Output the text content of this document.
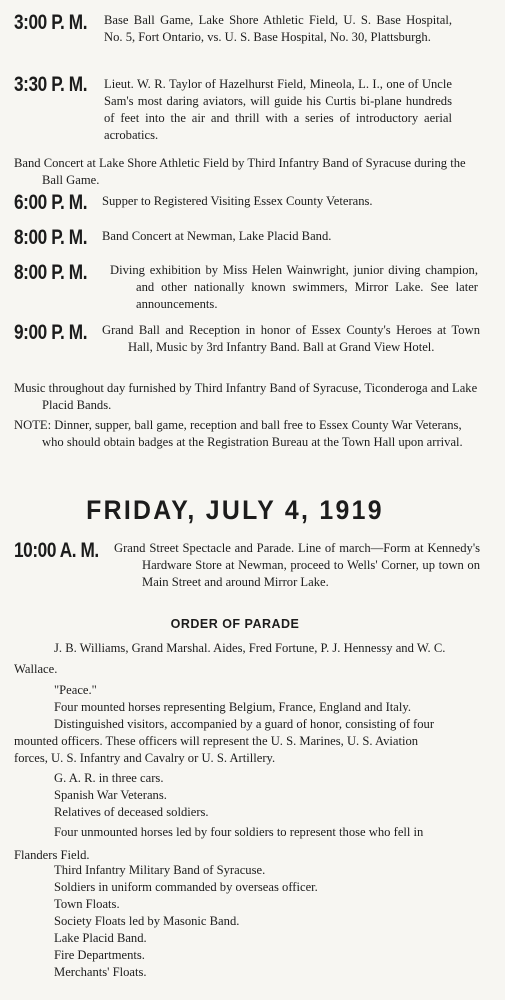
3:00 P. M. Base Ball Game, Lake Shore Athletic Field, U. S. Base Hospital, No. 5, Fort Ontario, vs. U. S. Base Hospital, No. 30, Plattsburgh.
3:30 P. M. Lieut. W. R. Taylor of Hazelhurst Field, Mineola, L. I., one of Uncle Sam's most daring aviators, will guide his Curtis bi-plane hundreds of feet into the air and thrill with a series of introductory aerial acrobatics.
Band Concert at Lake Shore Athletic Field by Third Infantry Band of Syracuse during the Ball Game.
6:00 P. M. Supper to Registered Visiting Essex County Veterans.
8:00 P. M. Band Concert at Newman, Lake Placid Band.
8:00 P. M. Diving exhibition by Miss Helen Wainwright, junior diving champion, and other nationally known swimmers, Mirror Lake. See later announcements.
9:00 P. M. Grand Ball and Reception in honor of Essex County's Heroes at Town Hall, Music by 3rd Infantry Band. Ball at Grand View Hotel.
Music throughout day furnished by Third Infantry Band of Syracuse, Ticonderoga and Lake Placid Bands.
NOTE: Dinner, supper, ball game, reception and ball free to Essex County War Veterans, who should obtain badges at the Registration Bureau at the Town Hall upon arrival.
FRIDAY, JULY 4, 1919
10:00 A. M. Grand Street Spectacle and Parade. Line of march—Form at Kennedy's Hardware Store at Newman, proceed to Wells' Corner, up town on Main Street and around Mirror Lake.
ORDER OF PARADE
J. B. Williams, Grand Marshal. Aides, Fred Fortune, P. J. Hennessy and W. C. Wallace.
"Peace."
Four mounted horses representing Belgium, France, England and Italy.
Distinguished visitors, accompanied by a guard of honor, consisting of four mounted officers. These officers will represent the U. S. Marines, U. S. Aviation forces, U. S. Infantry and Cavalry or U. S. Artillery.
G. A. R. in three cars.
Spanish War Veterans.
Relatives of deceased soldiers.
Four unmounted horses led by four soldiers to represent those who fell in Flanders Field.
Third Infantry Military Band of Syracuse.
Soldiers in uniform commanded by overseas officer.
Town Floats.
Society Floats led by Masonic Band.
Lake Placid Band.
Fire Departments.
Merchants' Floats.
